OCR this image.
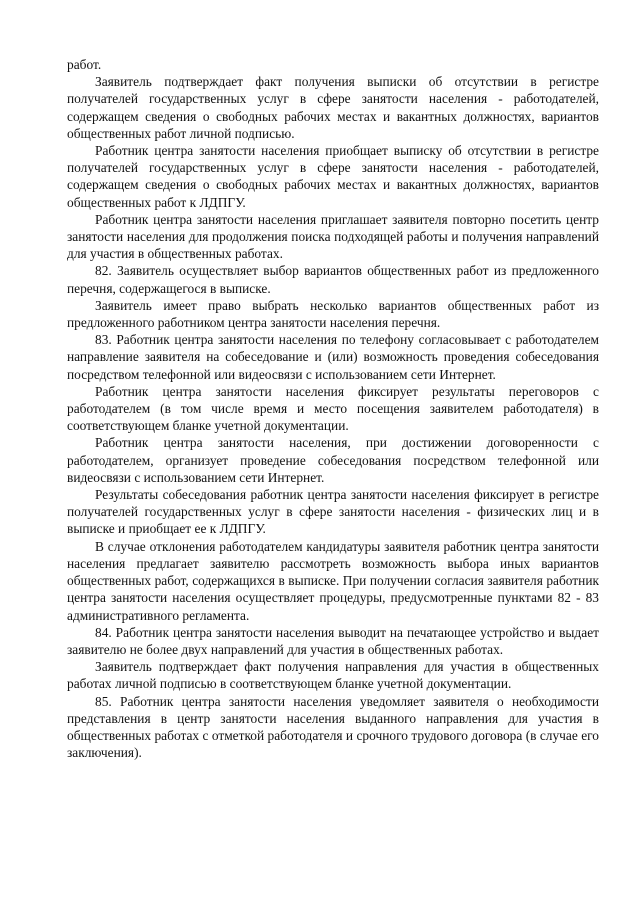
работ.

Заявитель подтверждает факт получения выписки об отсутствии в регистре получателей государственных услуг в сфере занятости населения - работодателей, содержащем сведения о свободных рабочих местах и вакантных должностях, вариантов общественных работ личной подписью.

Работник центра занятости населения приобщает выписку об отсутствии в регистре получателей государственных услуг в сфере занятости населения - работодателей, содержащем сведения о свободных рабочих местах и вакантных должностях, вариантов общественных работ к ЛДПГУ.

Работник центра занятости населения приглашает заявителя повторно посетить центр занятости населения для продолжения поиска подходящей работы и получения направлений для участия в общественных работах.

82. Заявитель осуществляет выбор вариантов общественных работ из предложенного перечня, содержащегося в выписке.

Заявитель имеет право выбрать несколько вариантов общественных работ из предложенного работником центра занятости населения перечня.

83. Работник центра занятости населения по телефону согласовывает с работодателем направление заявителя на собеседование и (или) возможность проведения собеседования посредством телефонной или видеосвязи с использованием сети Интернет.

Работник центра занятости населения фиксирует результаты переговоров с работодателем (в том числе время и место посещения заявителем работодателя) в соответствующем бланке учетной документации.

Работник центра занятости населения, при достижении договоренности с работодателем, организует проведение собеседования посредством телефонной или видеосвязи с использованием сети Интернет.

Результаты собеседования работник центра занятости населения фиксирует в регистре получателей государственных услуг в сфере занятости населения - физических лиц и в выписке и приобщает ее к ЛДПГУ.

В случае отклонения работодателем кандидатуры заявителя работник центра занятости населения предлагает заявителю рассмотреть возможность выбора иных вариантов общественных работ, содержащихся в выписке. При получении согласия заявителя работник центра занятости населения осуществляет процедуры, предусмотренные пунктами 82 - 83 административного регламента.

84. Работник центра занятости населения выводит на печатающее устройство и выдает заявителю не более двух направлений для участия в общественных работах.

Заявитель подтверждает факт получения направления для участия в общественных работах личной подписью в соответствующем бланке учетной документации.

85. Работник центра занятости населения уведомляет заявителя о необходимости представления в центр занятости населения выданного направления для участия в общественных работах с отметкой работодателя и срочного трудового договора (в случае его заключения).
